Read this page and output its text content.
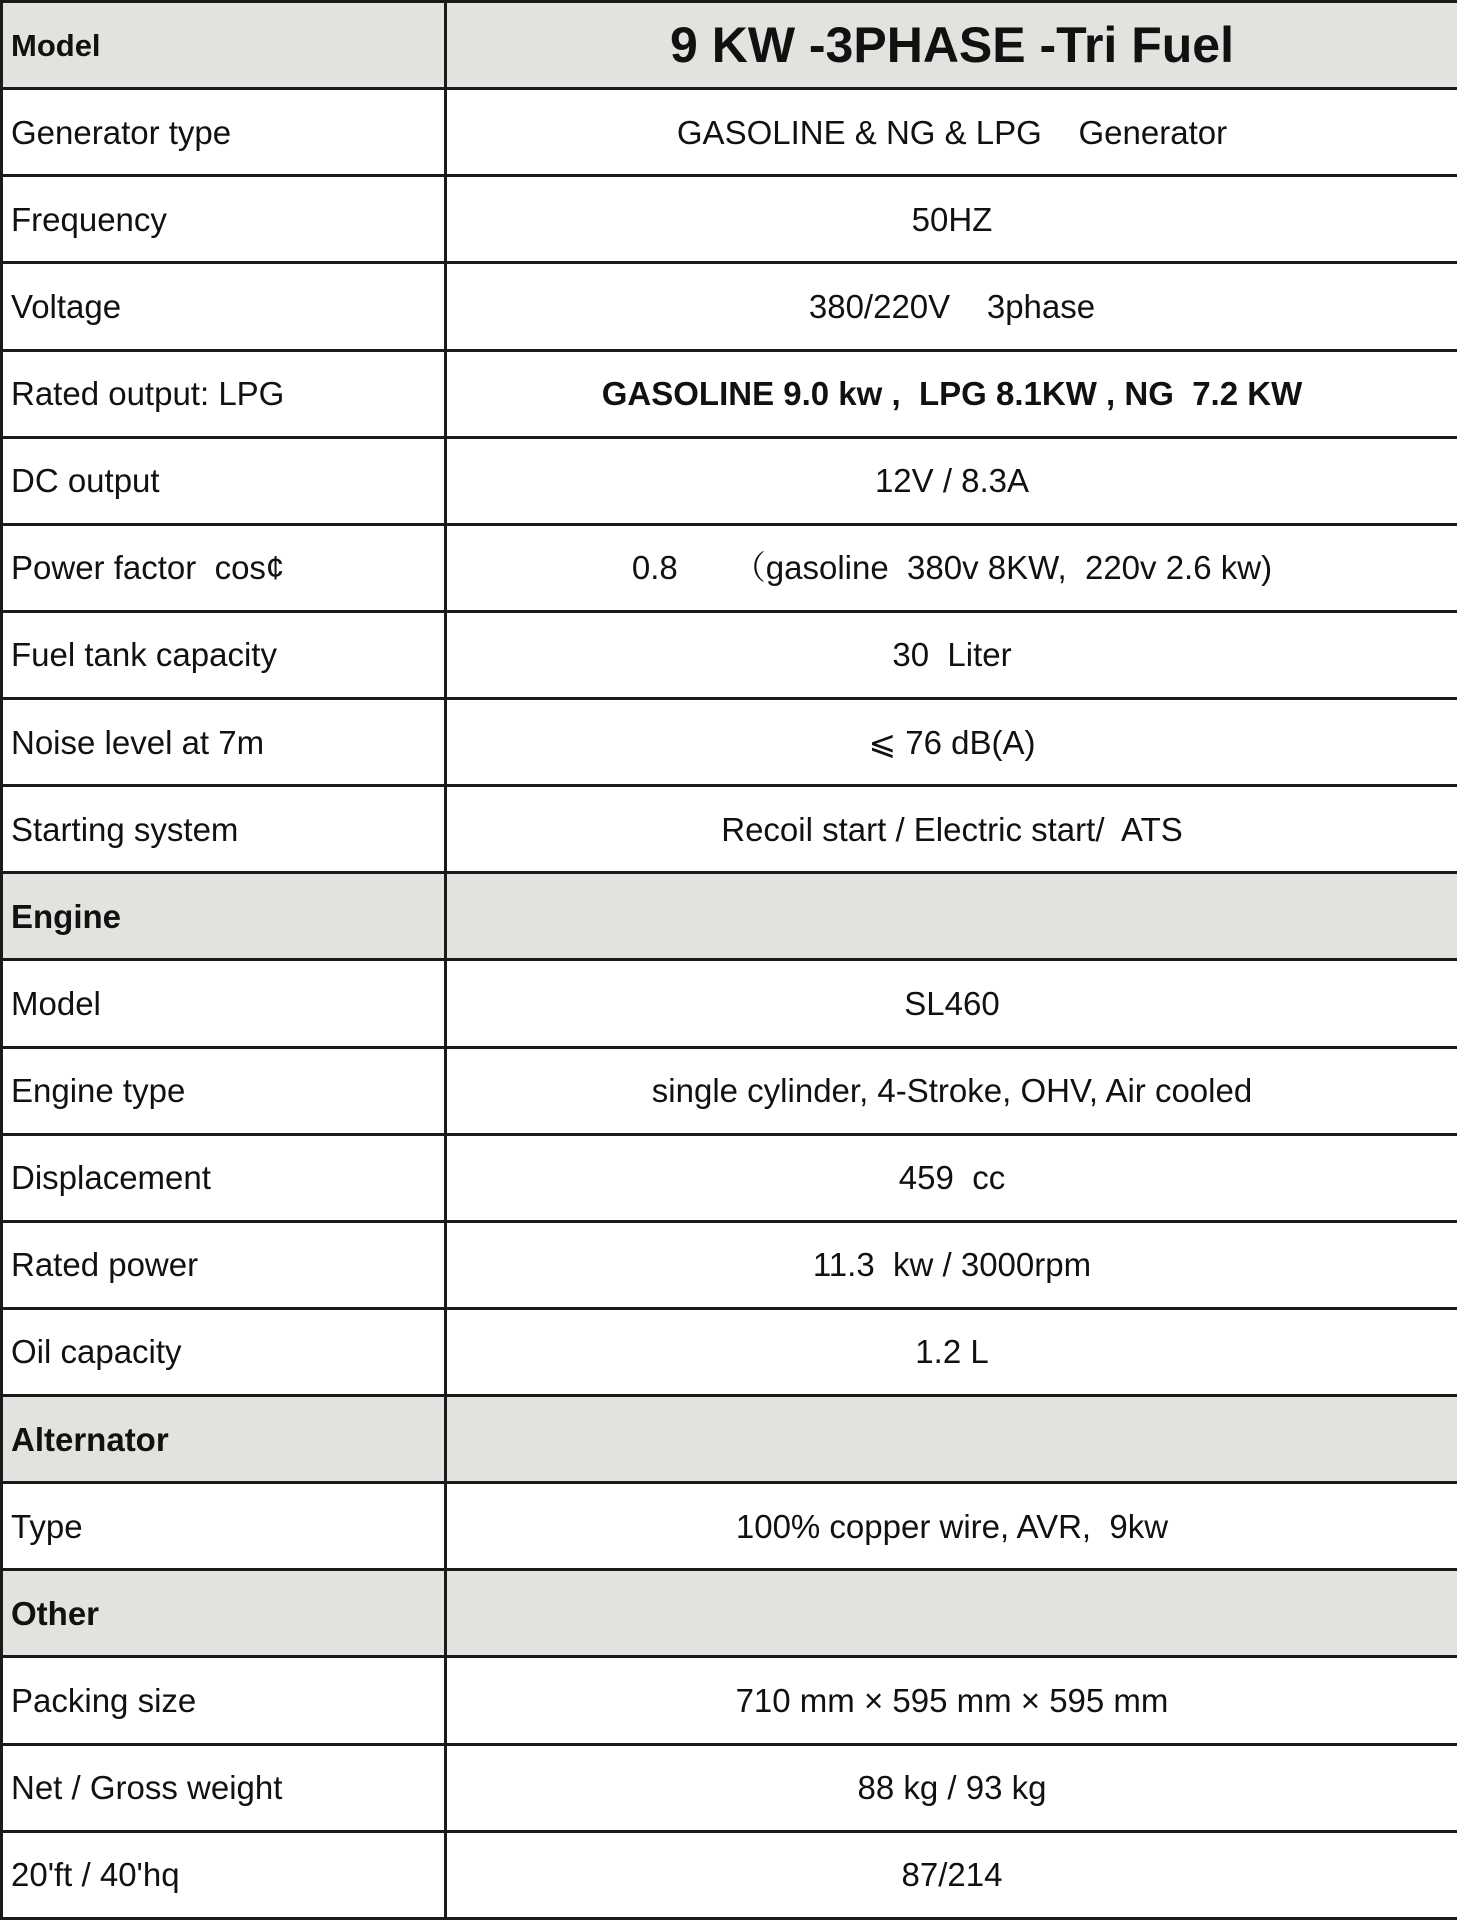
Model	9 KW -3PHASE -Tri Fuel
Generator type	GASOLINE & NG & LPG    Generator
Frequency	50HZ
Voltage	380/220V    3phase
Rated output: LPG	GASOLINE 9.0 kw ,  LPG 8.1KW , NG  7.2 KW
DC output	12V / 8.3A
Power factor  cos¢	0.8      （gasoline  380v 8KW,  220v 2.6 kw)
Fuel tank capacity	30  Liter
Noise level at 7m	⩽ 76 dB(A)
Starting system	Recoil start / Electric start/  ATS
Engine	
Model	SL460
Engine type	single cylinder, 4-Stroke, OHV, Air cooled
Displacement	459  cc
Rated power	11.3  kw / 3000rpm
Oil capacity	1.2 L
Alternator	
Type	100% copper wire, AVR,  9kw
Other	
Packing size	710 mm × 595 mm × 595 mm
Net / Gross weight	88 kg / 93 kg
20'ft / 40'hq	87/214
